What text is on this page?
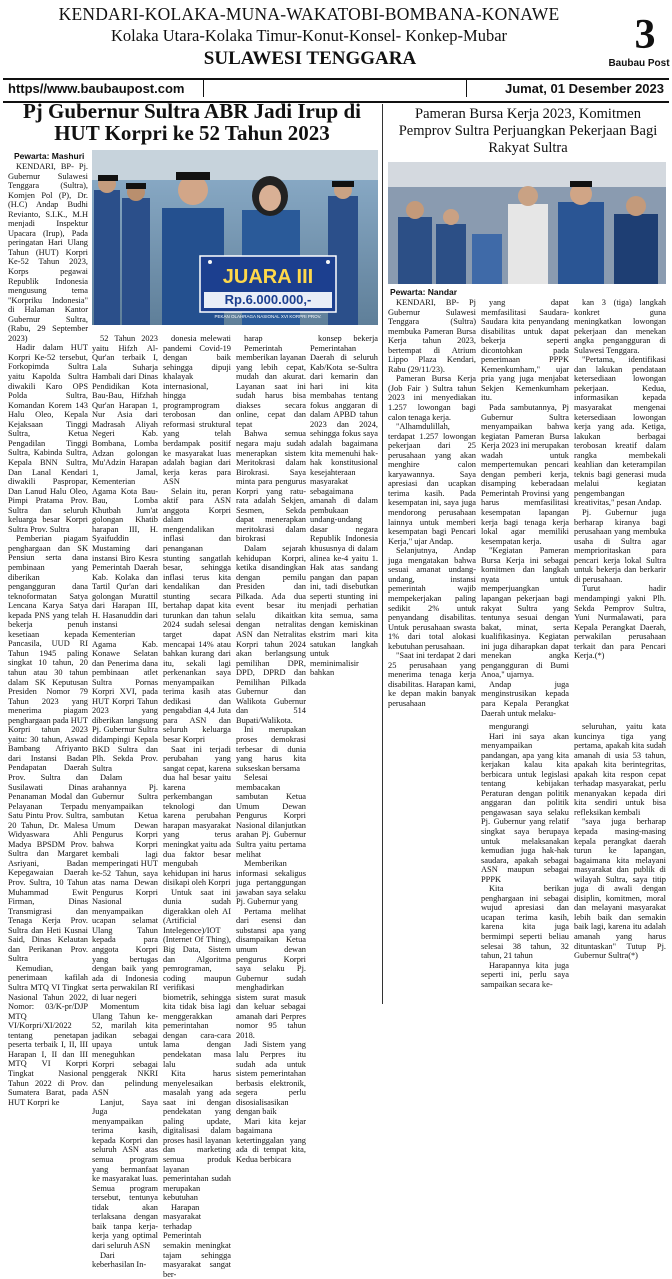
KENDARI-KOLAKA-MUNA-WAKATOBI-BOMBANA-KONAWE
Kolaka Utara-Kolaka Timur-Konut-Konsel- Konkep-Mubar
SULAWESI TENGGARA
3
Baubau Post
https//www.baubaupost.com	Jumat, 01 Desember 2023
Pj Gubernur Sultra ABR Jadi Irup di HUT Korpri ke 52 Tahun 2023
Pewarta: Mashuri
JUARA III
Rp.6.000.000,-
PEKAN OLAHRAGA NASIONAL XVI KORPRI PROV.

KENDARI, BP- Pj. Gubernur Sulawesi Tenggara (Sultra), Komjen Pol (P), Dr. (H.C) Andap Budhi Revianto, S.I.K., M.H menjadi Inspektur Upacara (Irup), Pada peringatan Hari Ulang Tahun (HUT) Korpri Ke-52 Tahun 2023, Korps pegawai Republik Indonesia mengusung tema "Korpriku Indonesia" di Halaman Kantor Gubernur Sultra, (Rabu, 29 September 2023)

Hadir dalam HUT Korpri Ke-52 tersebut, Forkopimda Sultra yaitu Kapolda Sultra diwakili Karo OPS Polda Sultra, Komandan Korem 143 Halu Oleo, Kepala Kejaksaan Tinggi Sultra, Ketua Pengadilan Tinggi Sultra, Kabinda Sultra, Kepala BNN Sultra, Dan Lanal Kendari diwakili Paspropar, Dan Lanud Halu Oleo, Pimpi Pratama Prov. Sultra dan seluruh keluarga besar Korpri Sultra Prov. Sultra

Pemberian piagam penghargaan dan SK Pensiun serta dana pembinaan yang diberikan pengangguran dana teknoformatan Satya Lencana Karya Satya kepada PNS yang telah bekerja penuh kesetiaan kepada Pancasila, UUD RI Tahun 1945 paling singkat 10 tahun, 20 tahun atau 30 tahun dalam SK Keputusan Presiden Nomor 79 Tahun 2023 yang menerima piagam penghargaan pada HUT Korpri tahun 2023 yaitu: 30 tahun, Aswad Bambang Afriyanto dari Instansi Badan Pendapatan Daerah Prov. Sultra dan Susilawati Dinas Penanaman Modal dan Pelayanan Terpadu Satu Pintu Prov. Sultra, 20 Tahun, Dr. Malesa Widyaswara Ahli Madya BPSDM Prov. Sultra dan Margaret Asriyani, Badan Kepegawaian Daerah Prov. Sultra, 10 Tahun Muhammad Ewit Firman, Dinas Transmigrasi dan Tenaga Kerja Prov. Sultra dan Heti Kusnai Said, Dinas Kelautan dan Perikanan Prov. Sultra

Kemudian, penerimaan kafilah Sultra MTQ VI Tingkat Nasional Tahun 2022, Nomor: 03/K-pr/DJP MTQ VI/Korpri/XI/2022 tentang penetapan peserta terbaik I, II, III Harapan I, II dan III MTQ VI Korpri Tingkat Nasional Tahun 2022 di Prov. Sumatera Barat, pada HUT Korpri ke

52 Tahun 2023 yaitu Hifzh Al-Qur'an terbaik I, Lala Suharja Hambali dari Dinas Pendidikan Kota Bau-Bau, Hifzhah Qur'an Harapan 1, Nur Asia dari Madrasah Aliyah Negeri Kab. Bombana, Lomba Adzan golongan Mu'Adzin Harapan 1, Jamal, Kementerian Agama Kota Bau-Bau, Lomba Khutbah Jum'at golongan Khatib harapan III, H. Syaifuddin Mustaming dari instansi Biro Kesra Pemerintah Daerah Kab. Kolaka dan Tartil Qur'an dari golongan Murattil dari Harapan III, H. Hasanuddin dari instansi Kementerian Agama Kab. Konawe Selatan dan Penerima dana pembinaan atlet Sultra Pornas Korpri XVI, pada HUT Korpri Tahun 2023 yang diberikan langsung Pj. Gubernur Sultra didampingi Kepala BKD Sultra dan Plh. Sekda Prov. Sultra

Dalam arahannya Pj. Gubernur Sultra menyampaikan sambutan Ketua Umum Dewan Pengurus Korpri bahwa Korpri kembali lagi memperingati HUT ke-52 Tahun, saya atas nama Dewan Pengurus Korpri Nasional menyampaikan ucapan selamat Ulang Tahun kepada para anggota Korpri yang bertugas dengan baik yang ada di Indonesia serta perwakilan RI di luar negeri

Momentum Ulang Tahun ke-52, marilah kita jadikan sebagai upaya untuk meneguhkan Korpri sebagai penggerak NKRI dan pelindung ASN

Lanjut, Saya Juga menyampaikan terima kasih, kepada Korpri dan seluruh ASN atas semua program yang bermanfaat ke masyarakat luas. Semua program tersebut, tentunya tidak akan terlaksana dengan baik tanpa kerja-kerja yang optimal dari seluruh ASN

Dari keberhasilan In-

donesia melewati pandemi Covid-19 dengan baik sehingga dipuji khalayak internasional, hingga programprogram terobosan dan reformasi struktural yang telah berdampak positif ke masyarakat luas adalah bagian dari kerja keras para ASN

Selain itu, peran aktif para ASN anggota Korpri dalam mengendalikan inflasi dan penanganan stunting sangatlah besar, sehingga inflasi terus kita kendalikan dan stunting secara bertahap dapat kita turunkan dan tahun 2024 sudah selesai target dapat mencapai 14% atau bahkan kurang dari itu, sekali lagi perkenankan saya menyampaikan terima kasih atas dedikasi dan pengabdian 4,4 Juta para ASN dan seluruh keluarga besar Korpri

Saat ini terjadi perubahan yang sangat cepat, karena dua hal besar yaitu karena perkembangan teknologi dan karena perubahan harapan masyarakat yang terus meningkat yaitu ada dua faktor besar mengubah kehidupan ini harus disikapi oleh Korpri

Untuk saat ini dunia sudah digerakkan oleh AI (Artificial Intelegence)/IOT (Internet Of Thing), Big Data, Sistem dan Algoritma pemrograman, coding maupun verifikasi biometrik, sehingga kita tidak bisa lagi menggerakkan pemerintahan dengan cara-cara lama dengan pendekatan masa lalu

Kita harus menyelesaikan masalah yang ada saat ini dengan pendekatan yang paling update, digitalisasi dalam proses hasil layanan dan marketing semua produk layanan pemerintahan sudah merupakan kebutuhan

Harapan masyarakat terhadap Pemerintah semakin meningkat tajam sehingga masyarakat sangat ber-

harap

Pemerintah memberikan layanan yang lebih cepat, mudah dan akurat. Layanan saat ini sudah harus bisa diakses secara online, cepat dan tepat

Bahwa semua negara maju sudah menerapkan sistem Meritokrasi dalam Birokrasi. Saya minta para pengurus Korpri yang ratu-rata adalah Sekjen, Sesmen, Sekda dapat menerapkan meritokrasi dalam birokrasi

Dalam sejarah kehidupan Korpri, ketika disandingkan dengan pemilu Presiden dan Pilkada. Ada dua event besar itu selalu dikaitkan dengan netralitas ASN dan Netralitas Korpri tahun 2024 akan berlangsung pemilihan DPR, DPD, DPRD dan Pemilihan Pilkada Gubernur dan Walikota Gubernur dan 514 Bupati/Walikota.

Ini merupakan proses demokrasi terbesar di dunia yang harus kita sukseskan bersama

Selesai membacakan sambutan Ketua Umum Dewan Pengurus Korpri Nasional dilanjutkan arahan Pj. Gubernur Sultra yaitu pertama melihat

Memberikan informasi sekaligus juga pertanggungan jawaban saya selaku Pj. Gubernur yang

Pertama melihat dari esensi dan substansi apa yang disampaikan Ketua umum dewan pengurus Korpri saya selaku Pj. Gubernur sudah menghadirkan sistem surat masuk dan keluar sebagai amanah dari Perpres nomor 95 tahun 2018.

Jadi Sistem yang lalu Perpres itu sudah ada untuk sistem pemerintahan berbasis elektronik, segera perlu disosialisasikan dengan baik

Mari kita kejar bagaimana ketertinggalan yang ada di tempat kita, Kedua berbicara

konsep bekerja Pemerintahan Daerah di seluruh Kab/Kota se-Sultra dari kemarin dan hari ini kita membahas tentang fokus anggaran di dalam APBD tahun 2023 dan 2024, sehingga fokus saya adalah bagaimana kita memenuhi hak-hak konstitusional kesejahteraan masyarakat sebagaimana amanah di dalam pembukaan undang-undang dasar negara Republik Indonesia khususnya di dalam alinea ke-4 yaitu 1. Hak atas sandang pangan dan papan ini, tadi disebutkan seperti stunting ini menjadi perhatian kita semua, sama dengan kemiskinan ekstrim mari kita satukan langkah untuk meminimalisir bahkan

Pameran Bursa Kerja 2023, Komitmen Pemprov Sultra Perjuangkan Pekerjaan Bagi Rakyat Sultra
Pewarta: Nandar

KENDARI, BP- Pj Gubernur Sulawesi Tenggara (Sultra) membuka Pameran Bursa Kerja tahun 2023, bertempat di Atrium Lippo Plaza Kendari, Rabu (29/11/23).

Pameran Bursa Kerja (Job Fair ) Sultra tahun 2023 ini menyediakan 1.257 lowongan bagi calon tenaga kerja.

"Alhamdulillah, terdapat 1.257 lowongan pekerjaan dari 25 perusahaan yang akan menghire calon karyawannya. Saya apresiasi dan ucapkan terima kasih. Pada kesempatan ini, saya juga mendorong perusahaan lainnya untuk memberi kesempatan bagi Pencari Kerja," ujar Andap.

Selanjutnya, Andap juga mengatakan bahwa sesuai amanat undang-undang, instansi pemerintah wajib mempekerjakan paling sedikit 2% untuk penyandang disabilitas. Untuk perusahaan swasta 1% dari total alokasi kebutuhan perusahaan.

"Saat ini terdapat 2 dari 25 perusahaan yang menerima tenaga kerja disabilitas. Harapan kami, ke depan makin banyak perusahaan

yang dapat memfasilitasi Saudara-Saudara kita penyandang disabilitas untuk dapat bekerja seperti dicontohkan pada penerimaan PPPK Kemenkumham," ujar pria yang juga menjabat Sekjen Kemenkumham itu.

Pada sambutannya, Pj Gubernur Sultra menyampaikan bahwa kegiatan Pameran Bursa Kerja 2023 ini merupakan wadah untuk mempertemukan pencari dengan pemberi kerja, disamping keberadaan Pemerintah Provinsi yang harus memfasilitasi kesempatan lapangan kerja bagi tenaga kerja lokal agar memiliki kesempatan kerja.

"Kegiatan Pameran Bursa Kerja ini sebagai komitmen dan langkah nyata untuk memperjuangkan lapangan pekerjaan bagi rakyat Sultra yang tentunya sesuai dengan bakat, minat, serta kualifikasinya. Kegiatan ini juga diharapkan dapat menekan angka pengangguran di Bumi Anoa," ujarnya.

Andap juga menginstrusikan kepada para Kepala Perangkat Daerah untuk melaku-

kan 3 (tiga) langkah konkret guna meningkatkan lowongan pekerjaan dan menekan angka pengangguran di Sulawesi Tenggara.

"Pertama, identifikasi dan lakukan pendataan ketersediaan lowongan pekerjaan. Kedua, informasikan kepada masyarakat mengenai ketersediaan lowongan kerja yang ada. Ketiga, lakukan berbagai terobosan kreatif dalam rangka membekali keahlian dan keterampilan teknis bagi generasi muda melalui kegiatan pengembangan kreativitas," pesan Andap.

Pj. Gubernur juga berharap kiranya bagi perusahaan yang membuka usaha di Sultra agar memprioritaskan para pencari kerja lokal Sultra untuk bekerja dan berkarir di perusahaan.

Turut hadir mendampingi yakni Plh. Sekda Pemprov Sultra, Yuni Nurmalawati, para Kepala Perangkat Daerah, perwakilan perusahaan terkait dan para Pencari Kerja.(*)

mengurangi

Hari ini saya akan menyampaikan pandangan, apa yang kita kerjakan kalau kita berbicara untuk legislasi tentang kebijakan Peraturan dengan politik anggaran dan politik pengawasan saya selaku Pj. Gubernur yang relatif singkat saya berupaya untuk melaksanakan kemudian juga hak-hak saudara, apakah sebagai ASN maupun sebagai PPPK

Kita berikan penghargaan ini sebagai wujud apresiasi dan ucapan terima kasih, karena kita juga bermimpi seperti beliau selesai 38 tahun, 32 tahun, 21 tahun

Harapannya kita juga seperti ini, perlu saya sampaikan secara ke-

seluruhan, yaitu kata kuncinya tiga yang pertama, apakah kita sudah amanah di usia 53 tahun, apakah kita berintegritas, apakah kita respon cepat terhadap masyarakat, perlu menanyakan kepada diri kita sendiri untuk bisa refleksikan kembali

"saya juga berharap kepada masing-masing kepala perangkat daerah turun ke lapangan, bagaimana kita melayani masyarakat dan publik di wilayah Sultra, saya titip juga di awali dengan disiplin, komitmen, moral dan melayani masyarakat lebih baik dan semakin baik lagi, karena itu adalah amanah yang harus dituntaskan" Tutup Pj. Gubernur Sultra(*)
